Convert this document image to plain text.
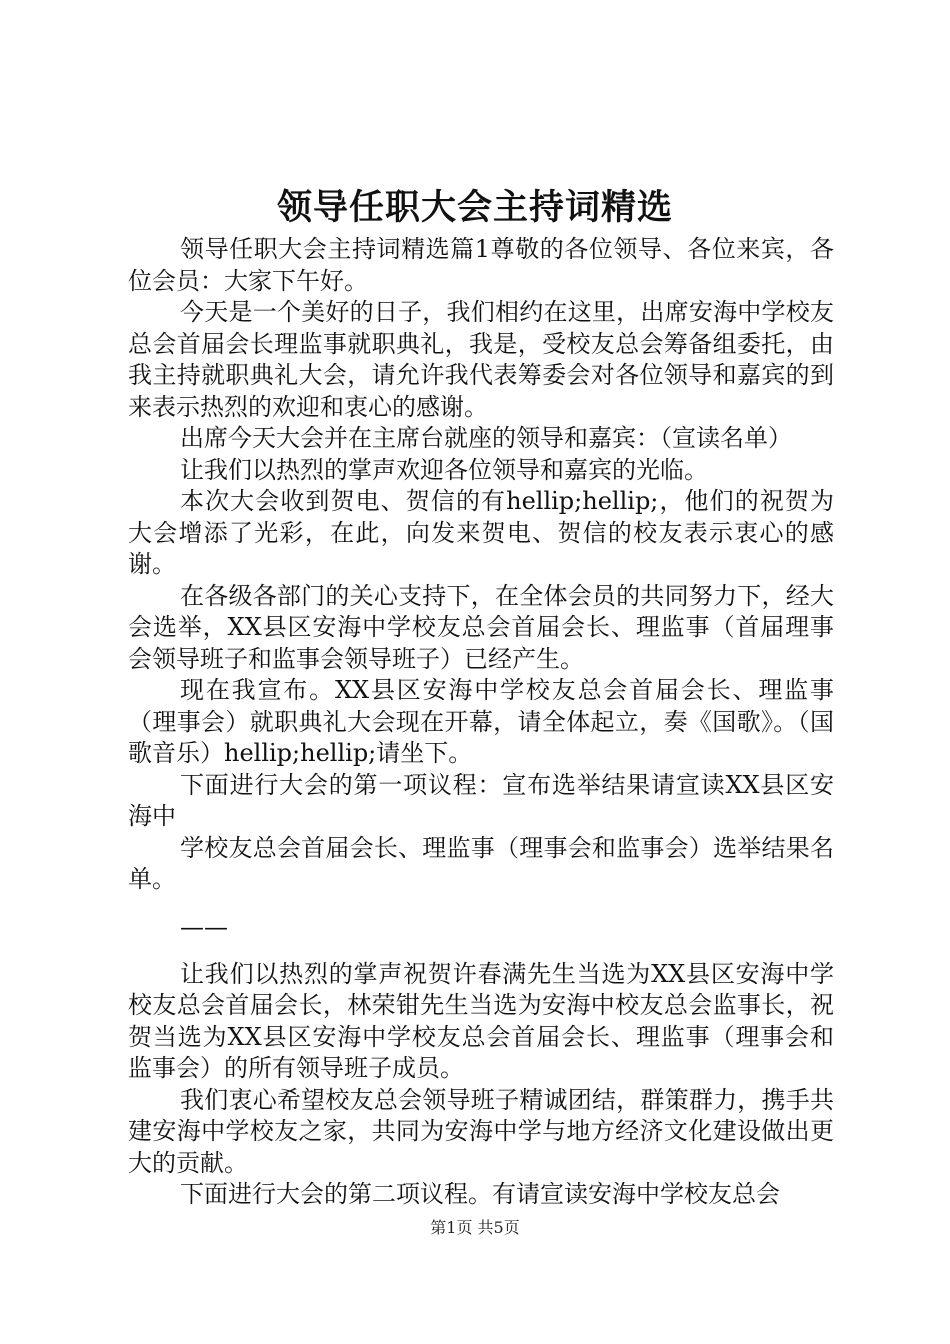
领导任职大会主持词精选

领导任职大会主持词精选篇1尊敬的各位领导、各位来宾，各位会员：大家下午好。

今天是一个美好的日子，我们相约在这里，出席安海中学校友总会首届会长理监事就职典礼，我是，受校友总会筹备组委托，由我主持就职典礼大会，请允许我代表筹委会对各位领导和嘉宾的到来表示热烈的欢迎和衷心的感谢。

出席今天大会并在主席台就座的领导和嘉宾：（宣读名单）

让我们以热烈的掌声欢迎各位领导和嘉宾的光临。

本次大会收到贺电、贺信的有hellip;hellip;，他们的祝贺为大会增添了光彩，在此，向发来贺电、贺信的校友表示衷心的感谢。

在各级各部门的关心支持下，在全体会员的共同努力下，经大会选举，XX县区安海中学校友总会首届会长、理监事（首届理事会领导班子和监事会领导班子）已经产生。

现在我宣布。XX县区安海中学校友总会首届会长、理监事（理事会）就职典礼大会现在开幕，请全体起立，奏《国歌》。（国歌音乐）hellip;hellip;请坐下。

下面进行大会的第一项议程：宣布选举结果请宣读XX县区安海中

学校友总会首届会长、理监事（理事会和监事会）选举结果名单。

——

让我们以热烈的掌声祝贺许春满先生当选为XX县区安海中学校友总会首届会长，林荣钳先生当选为安海中校友总会监事长，祝贺当选为XX县区安海中学校友总会首届会长、理监事（理事会和监事会）的所有领导班子成员。

我们衷心希望校友总会领导班子精诚团结，群策群力，携手共建安海中学校友之家，共同为安海中学与地方经济文化建设做出更大的贡献。

下面进行大会的第二项议程。有请宣读安海中学校友总会

第1页 共5页
